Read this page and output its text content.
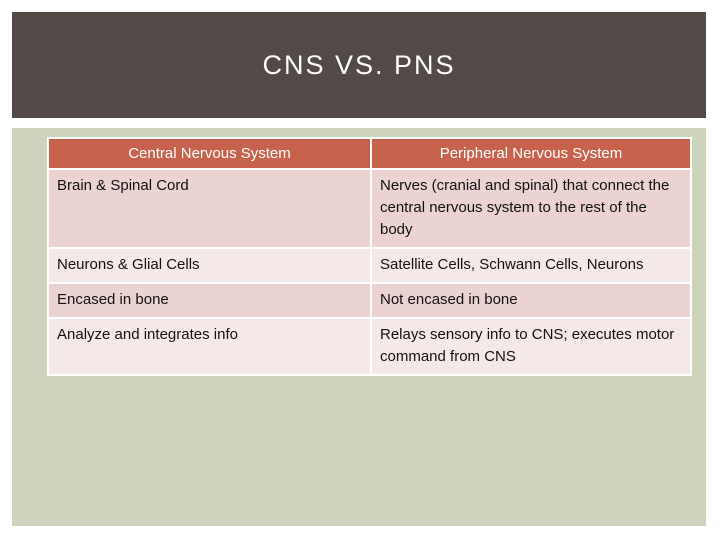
CNS VS. PNS
Central Nervous System	Peripheral Nervous System
Brain & Spinal Cord	Nerves (cranial and spinal) that connect the central nervous system to the rest of the body
Neurons & Glial Cells	Satellite Cells, Schwann Cells, Neurons
Encased in bone	Not encased in bone
Analyze and integrates info	Relays sensory info to CNS; executes motor command from CNS
